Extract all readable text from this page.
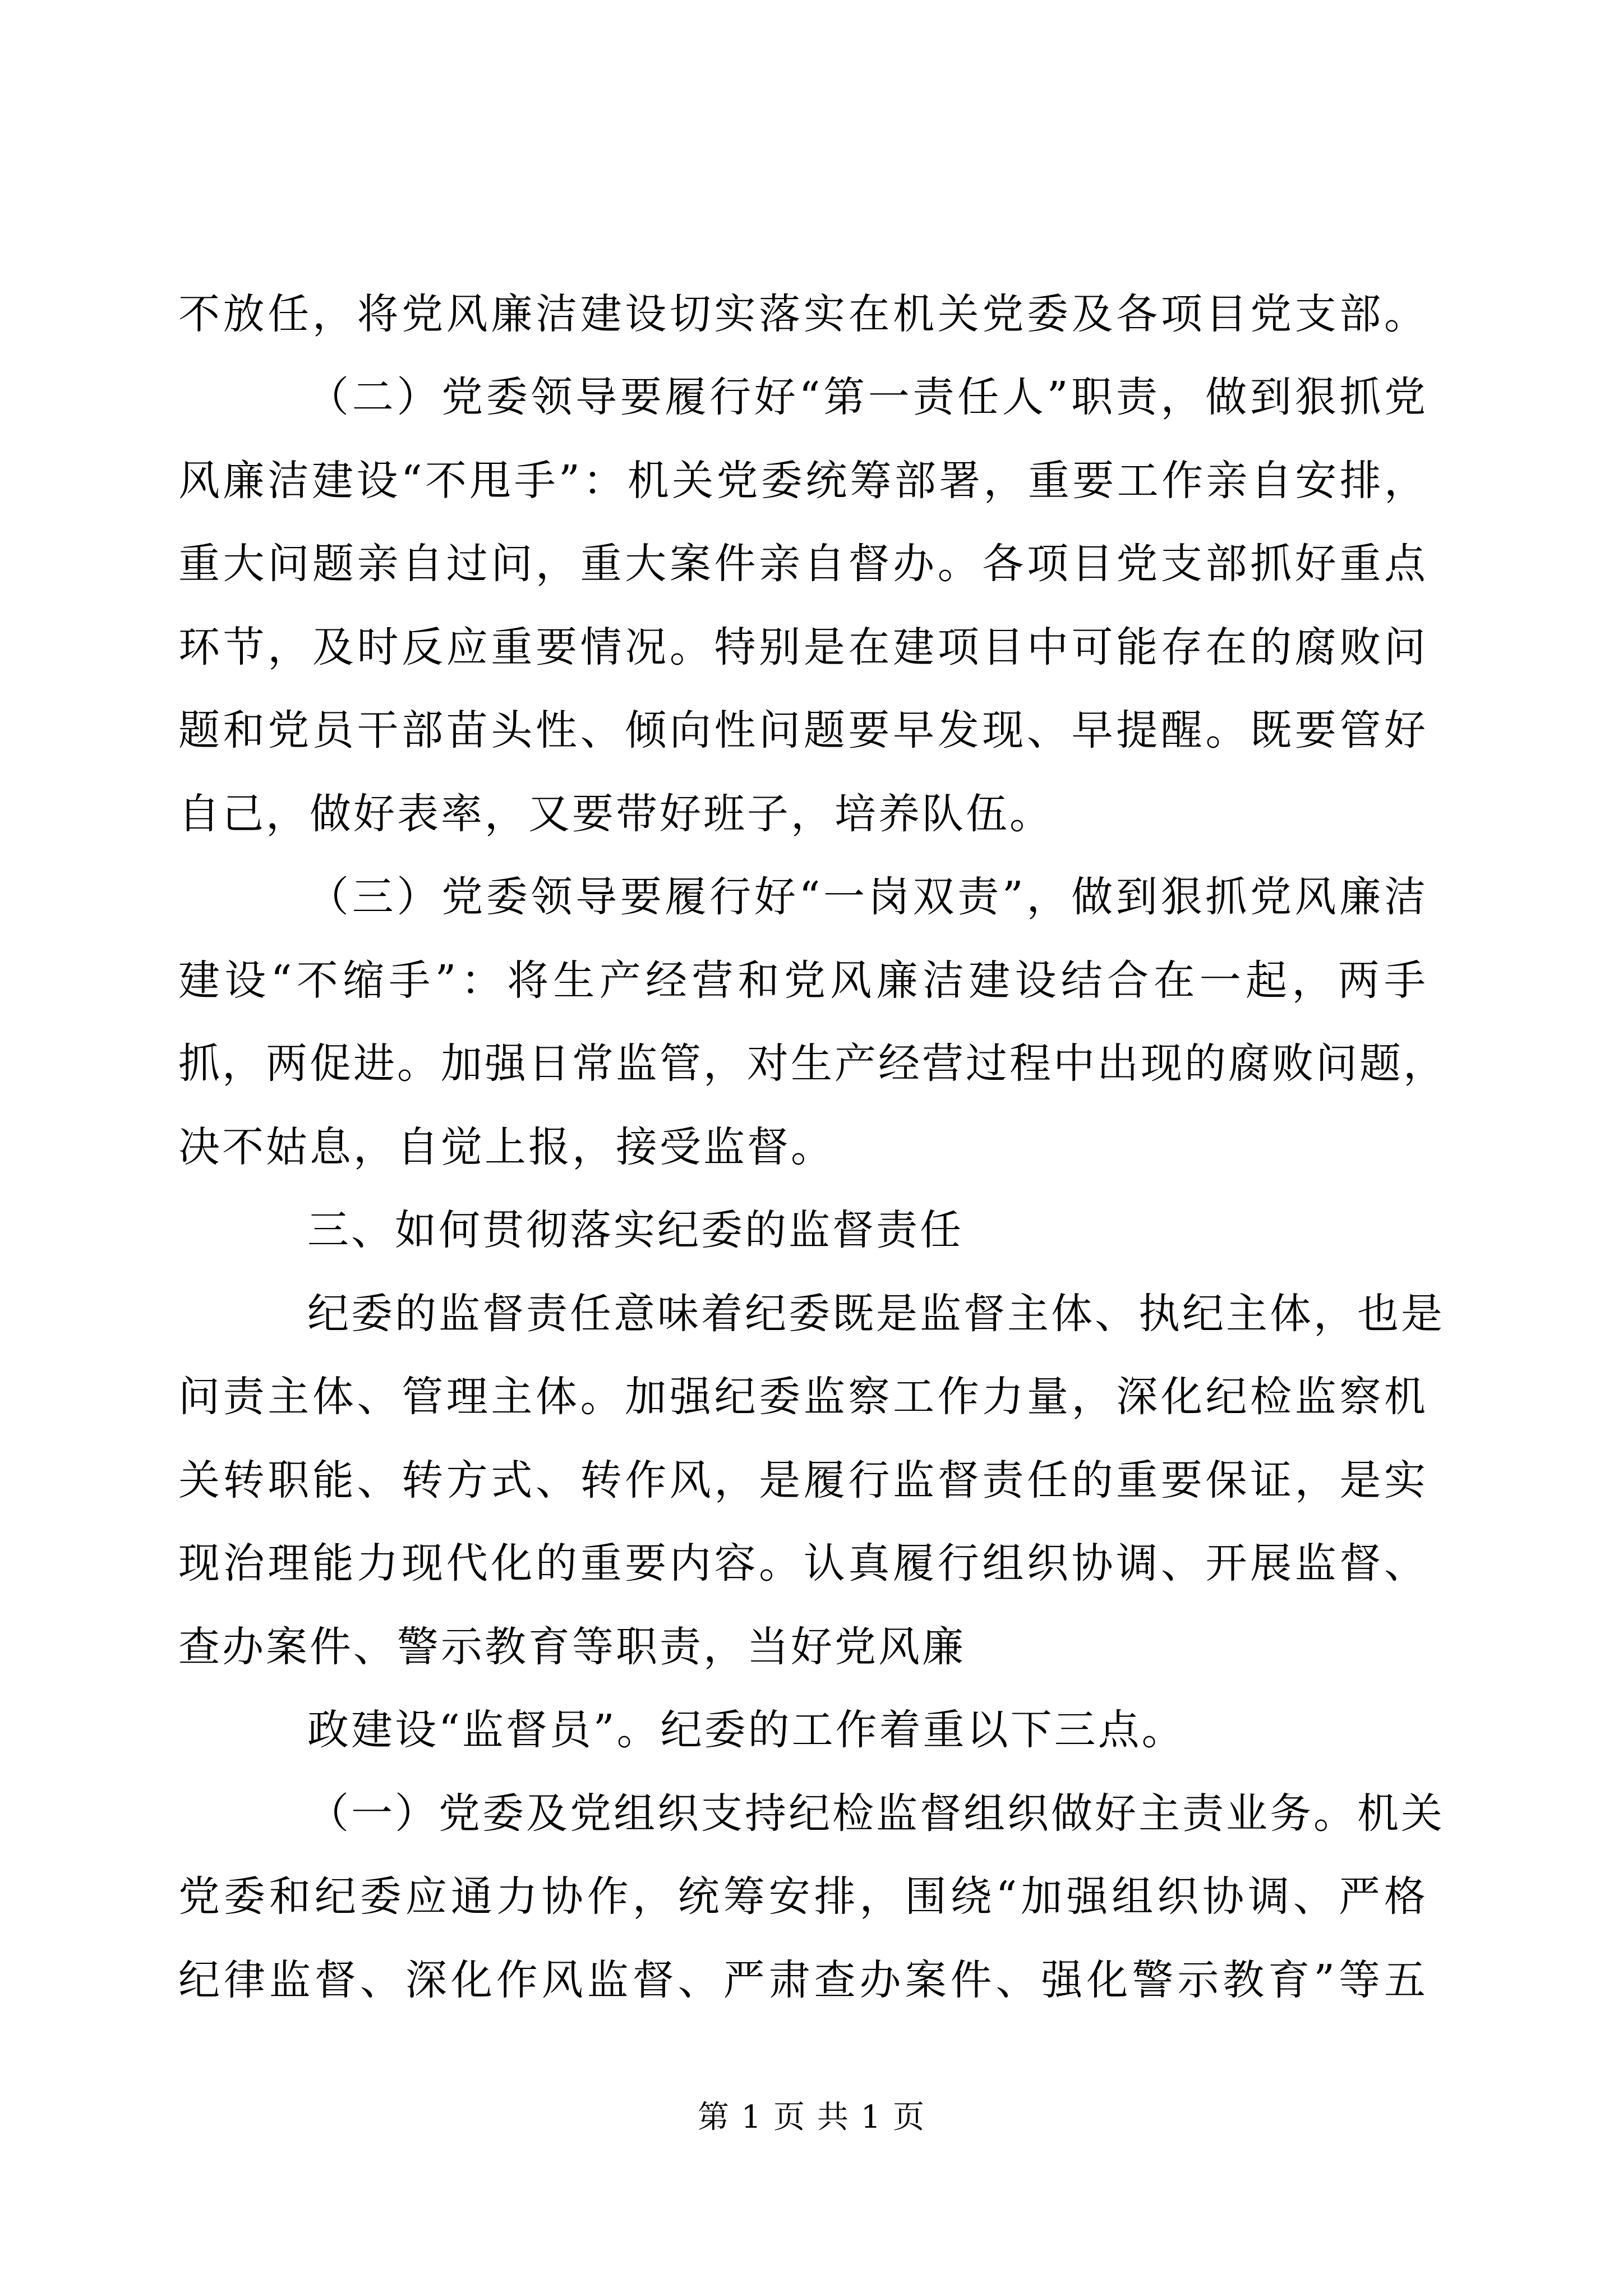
不放任，将党风廉洁建设切实落实在机关党委及各项目党支部。
（二）党委领导要履行好“第一责任人”职责，做到狠抓党
风廉洁建设“不甩手”：机关党委统筹部署，重要工作亲自安排，
重大问题亲自过问，重大案件亲自督办。各项目党支部抓好重点
环节，及时反应重要情况。特别是在建项目中可能存在的腐败问
题和党员干部苗头性、倾向性问题要早发现、早提醒。既要管好
自己，做好表率，又要带好班子，培养队伍。
（三）党委领导要履行好“一岗双责”，做到狠抓党风廉洁
建设“不缩手”：将生产经营和党风廉洁建设结合在一起，两手
抓，两促进。加强日常监管，对生产经营过程中出现的腐败问题，
决不姑息，自觉上报，接受监督。
三、如何贯彻落实纪委的监督责任
纪委的监督责任意味着纪委既是监督主体、执纪主体，也是
问责主体、管理主体。加强纪委监察工作力量，深化纪检监察机
关转职能、转方式、转作风，是履行监督责任的重要保证，是实
现治理能力现代化的重要内容。认真履行组织协调、开展监督、
查办案件、警示教育等职责，当好党风廉
政建设“监督员”。纪委的工作着重以下三点。
（一）党委及党组织支持纪检监督组织做好主责业务。机关
党委和纪委应通力协作，统筹安排，围绕“加强组织协调、严格
纪律监督、深化作风监督、严肃查办案件、强化警示教育”等五
第 1 页 共 1 页
